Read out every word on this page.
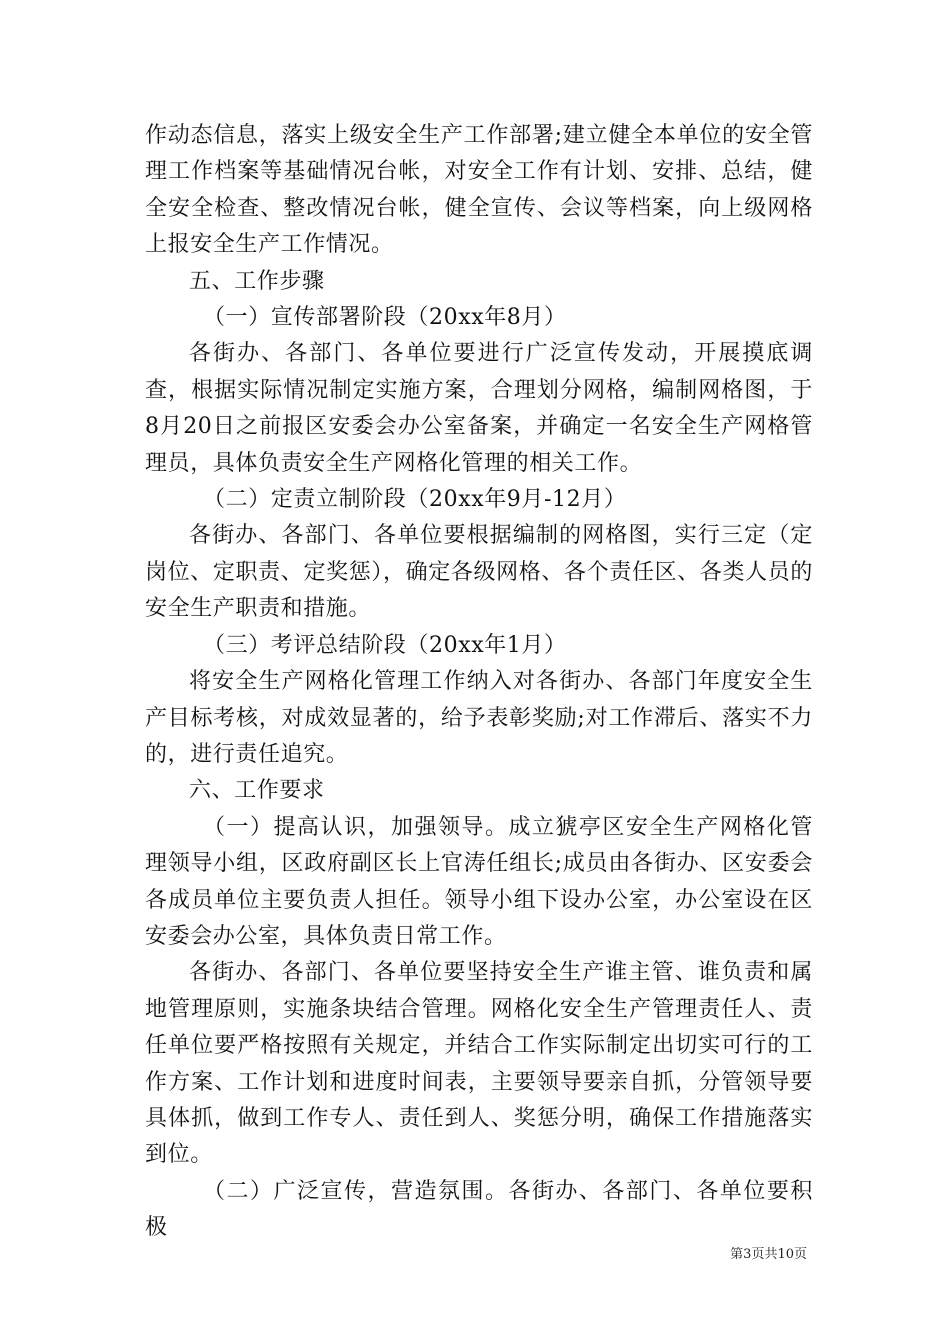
作动态信息，落实上级安全生产工作部署;建立健全本单位的安全管理工作档案等基础情况台帐，对安全工作有计划、安排、总结，健全安全检查、整改情况台帐，健全宣传、会议等档案，向上级网格上报安全生产工作情况。

五、工作步骤

（一）宣传部署阶段（20xx年8月）

各街办、各部门、各单位要进行广泛宣传发动，开展摸底调查，根据实际情况制定实施方案，合理划分网格，编制网格图，于8月20日之前报区安委会办公室备案，并确定一名安全生产网格管理员，具体负责安全生产网格化管理的相关工作。

（二）定责立制阶段（20xx年9月-12月）

各街办、各部门、各单位要根据编制的网格图，实行三定（定岗位、定职责、定奖惩），确定各级网格、各个责任区、各类人员的安全生产职责和措施。

（三）考评总结阶段（20xx年1月）

将安全生产网格化管理工作纳入对各街办、各部门年度安全生产目标考核，对成效显著的，给予表彰奖励;对工作滞后、落实不力的，进行责任追究。

六、工作要求

（一）提高认识，加强领导。成立猇亭区安全生产网格化管理领导小组，区政府副区长上官涛任组长;成员由各街办、区安委会各成员单位主要负责人担任。领导小组下设办公室，办公室设在区安委会办公室，具体负责日常工作。

各街办、各部门、各单位要坚持安全生产谁主管、谁负责和属地管理原则，实施条块结合管理。网格化安全生产管理责任人、责任单位要严格按照有关规定，并结合工作实际制定出切实可行的工作方案、工作计划和进度时间表，主要领导要亲自抓，分管领导要具体抓，做到工作专人、责任到人、奖惩分明，确保工作措施落实到位。

（二）广泛宣传，营造氛围。各街办、各部门、各单位要积极

第3页共10页
